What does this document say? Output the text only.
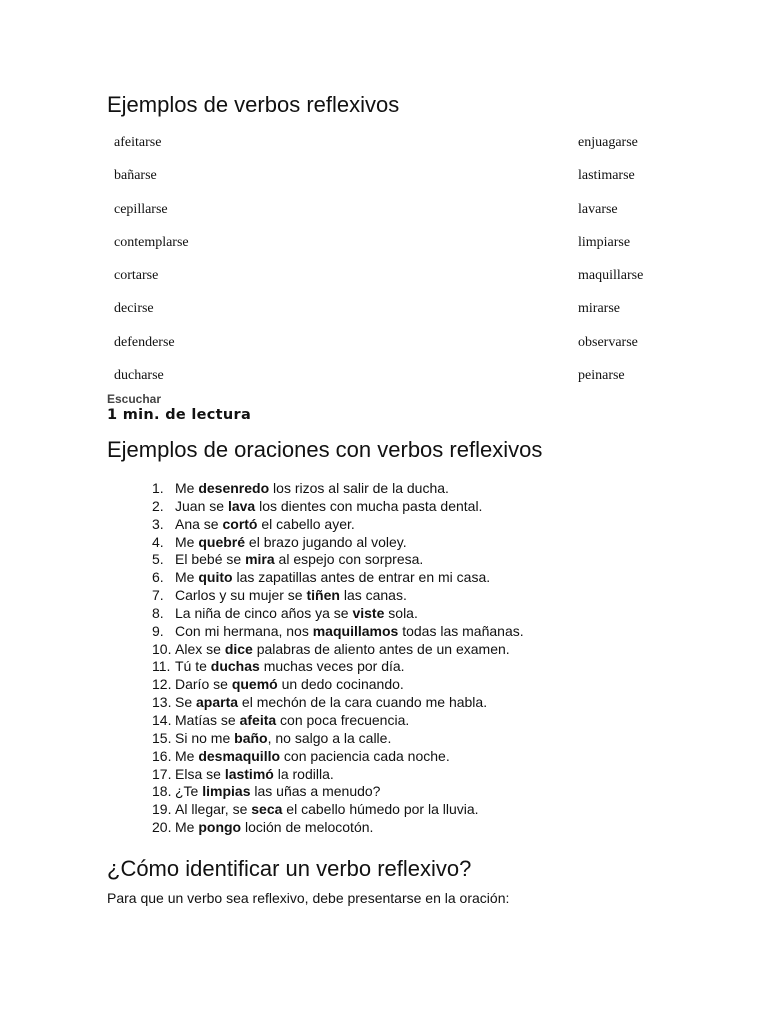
Ejemplos de verbos reflexivos
afeitarse
bañarse
cepillarse
contemplarse
cortarse
decirse
defenderse
ducharse
enjuagarse
lastimarse
lavarse
limpiarse
maquillarse
mirarse
observarse
peinarse
Escuchar
1 min. de lectura
Ejemplos de oraciones con verbos reflexivos
1. Me desenredo los rizos al salir de la ducha.
2. Juan se lava los dientes con mucha pasta dental.
3. Ana se cortó el cabello ayer.
4. Me quebré el brazo jugando al voley.
5. El bebé se mira al espejo con sorpresa.
6. Me quito las zapatillas antes de entrar en mi casa.
7. Carlos y su mujer se tiñen las canas.
8. La niña de cinco años ya se viste sola.
9. Con mi hermana, nos maquillamos todas las mañanas.
10. Alex se dice palabras de aliento antes de un examen.
11. Tú te duchas muchas veces por día.
12. Darío se quemó un dedo cocinando.
13. Se aparta el mechón de la cara cuando me habla.
14. Matías se afeita con poca frecuencia.
15. Si no me baño, no salgo a la calle.
16. Me desmaquillo con paciencia cada noche.
17. Elsa se lastimó la rodilla.
18. ¿Te limpias las uñas a menudo?
19. Al llegar, se seca el cabello húmedo por la lluvia.
20. Me pongo loción de melocotón.
¿Cómo identificar un verbo reflexivo?
Para que un verbo sea reflexivo, debe presentarse en la oración:
